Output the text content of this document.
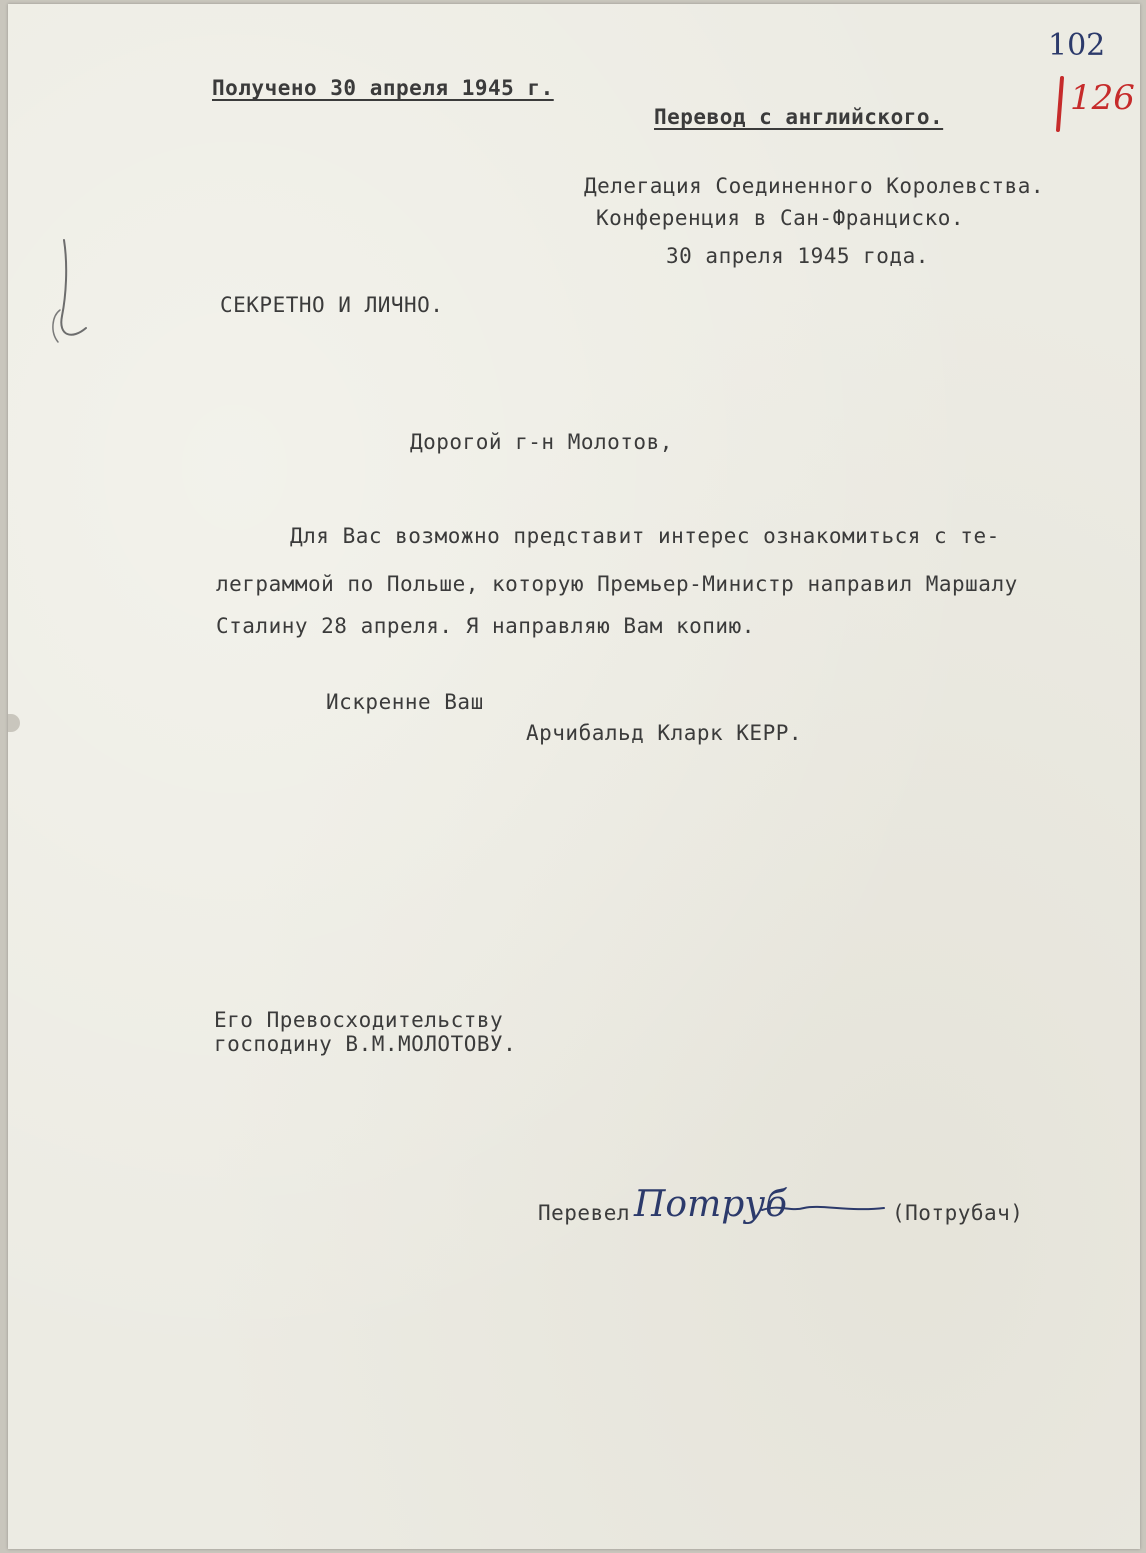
102
126
Получено 30 апреля 1945 г.
Перевод с английского.
Делегация Соединенного Королевства.
Конференция в Сан-Франциско.
30 апреля 1945 года.
СЕКРЕТНО И ЛИЧНО.
Дорогой г-н Молотов,
Для Вас возможно представит интерес ознакомиться с те-
леграммой по Польше, которую Премьер-Министр направил Маршалу
Сталину 28 апреля. Я направляю Вам копию.
Искренне Ваш
Арчибальд Кларк КЕРР.
Его Превосходительству
господину В.М.МОЛОТОВУ.
Перевел Потруб	(Потрубач)
